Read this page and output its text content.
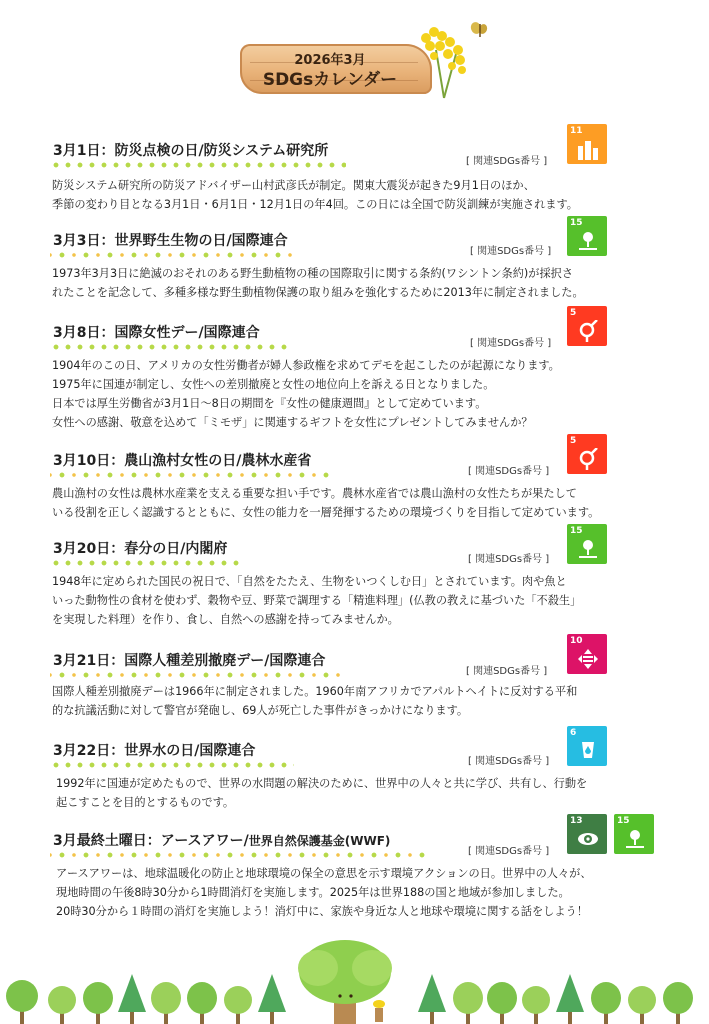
2026年3月
SDGsカレンダー
3月1日：防災点検の日/防災システム研究所
[ 関連SDGs番号 ]
11
防災システム研究所の防災アドバイザー山村武彦氏が制定。関東大震災が起きた9月1日のほか、
季節の変わり目となる3月1日・6月1日・12月1日の年4回。この日には全国で防災訓練が実施されます。
3月3日：世界野生生物の日/国際連合
[ 関連SDGs番号 ]
15
1973年3月3日に絶滅のおそれのある野生動植物の種の国際取引に関する条約(ワシントン条約)が採択さ
れたことを記念して、多種多様な野生動植物保護の取り組みを強化するために2013年に制定されました。
3月8日：国際女性デー/国際連合
[ 関連SDGs番号 ]
5
1904年のこの日、アメリカの女性労働者が婦人参政権を求めてデモを起こしたのが起源になります。
1975年に国連が制定し、女性への差別撤廃と女性の地位向上を訴える日となりました。
日本では厚生労働省が3月1日～8日の期間を『女性の健康週間』として定めています。
女性への感謝、敬意を込めて「ミモザ」に関連するギフトを女性にプレゼントしてみませんか？
3月10日：農山漁村女性の日/農林水産省
[ 関連SDGs番号 ]
5
農山漁村の女性は農林水産業を支える重要な担い手です。農林水産省では農山漁村の女性たちが果たして
いる役割を正しく認識するとともに、女性の能力を一層発揮するための環境づくりを目指して定めています。
3月20日：春分の日/内閣府
[ 関連SDGs番号 ]
15
1948年に定められた国民の祝日で、「自然をたたえ、生物をいつくしむ日」とされています。肉や魚と
いった動物性の食材を使わず、穀物や豆、野菜で調理する「精進料理」(仏教の教えに基づいた「不殺生」
を実現した料理）を作り、食し、自然への感謝を持ってみませんか。
3月21日：国際人種差別撤廃デー/国際連合
[ 関連SDGs番号 ]
10
国際人種差別撤廃デーは1966年に制定されました。1960年南アフリカでアパルトヘイトに反対する平和
的な抗議活動に対して警官が発砲し、69人が死亡した事件がきっかけになります。
3月22日：世界水の日/国際連合
[ 関連SDGs番号 ]
6
1992年に国連が定めたもので、世界の水問題の解決のために、世界中の人々と共に学び、共有し、行動を
起こすことを目的とするものです。
3月最終土曜日：アースアワー/世界自然保護基金(WWF)
[ 関連SDGs番号 ]
13	15
アースアワーは、地球温暖化の防止と地球環境の保全の意思を示す環境アクションの日。世界中の人々が、
現地時間の午後8時30分から1時間消灯を実施します。2025年は世界188の国と地域が参加しました。
20時30分から１時間の消灯を実施しよう！消灯中に、家族や身近な人と地球や環境に関する話をしよう！
